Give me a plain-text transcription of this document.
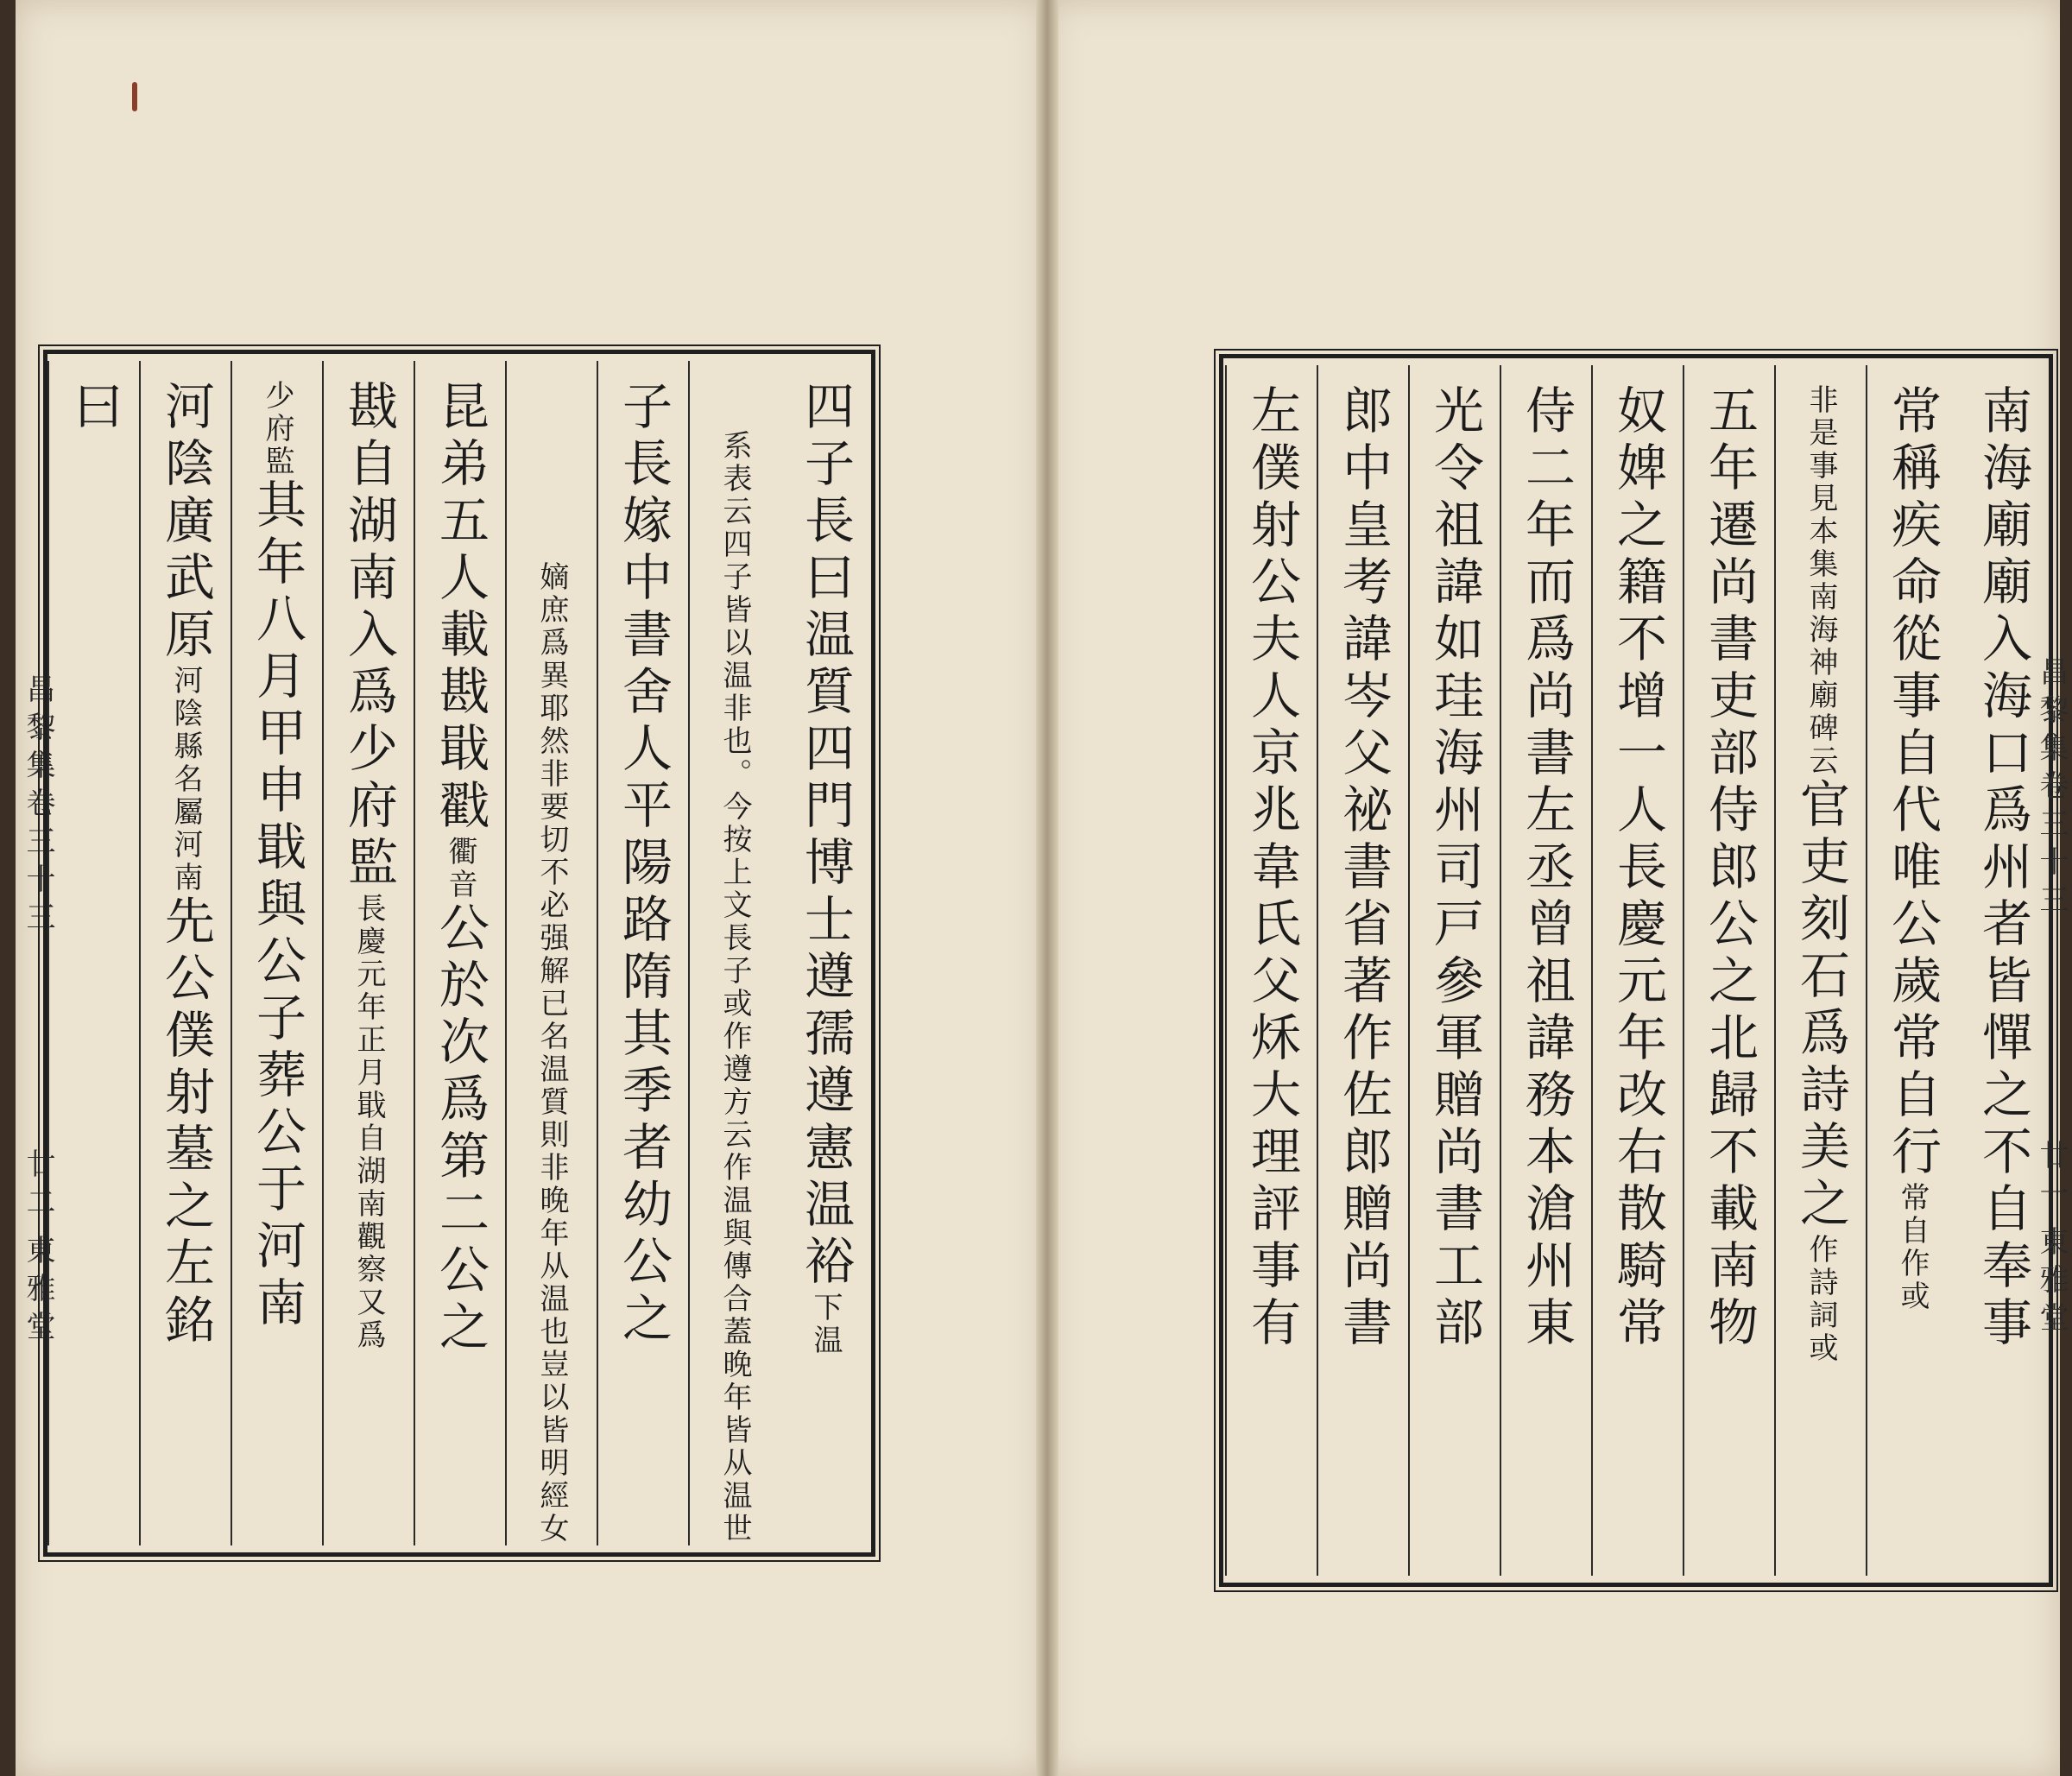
昌黎集卷三十三
廿二
東雅堂	四子長曰温質四門博士遵孺遵憲温裕
下温
或作遵方云作温與傳合蓋晚年皆从温世
系表云四子皆以温非也。今按上文長子
子長嫁中書舍人平陽路隋其季者幼公之
已名温質則非晚年从温也豈以皆明經女
嫡庶爲異耶然非要切不必强解
昆弟五人載戡戢戳
衢音
公於次爲第二公之
戡自湖南入爲少府監
長慶元年正月戢
自湖南觀察又爲
少府
監
其年八月甲申戢與公子葬公于河南
河陰廣武原
河陰縣名
屬河南
先公僕射墓之左銘
曰	南海廟廟入海口爲州者皆憚之不自奉事
常稱疾命從事自代唯公歲常自行
常自
作或
非是事見本集
南海神廟碑云
官吏刻石爲詩美之
作詩
詞或
五年遷尚書吏部侍郎公之北歸不載南物
奴婢之籍不增一人長慶元年改右散騎常
侍二年而爲尚書左丞曾祖諱務本滄州東
光令祖諱如珪海州司戸參軍贈尚書工部
郎中皇考諱岑父祕書省著作佐郎贈尚書
左僕射公夫人京兆韋氏父秌大理評事有	昌黎集卷三十三
廿一
東雅堂
